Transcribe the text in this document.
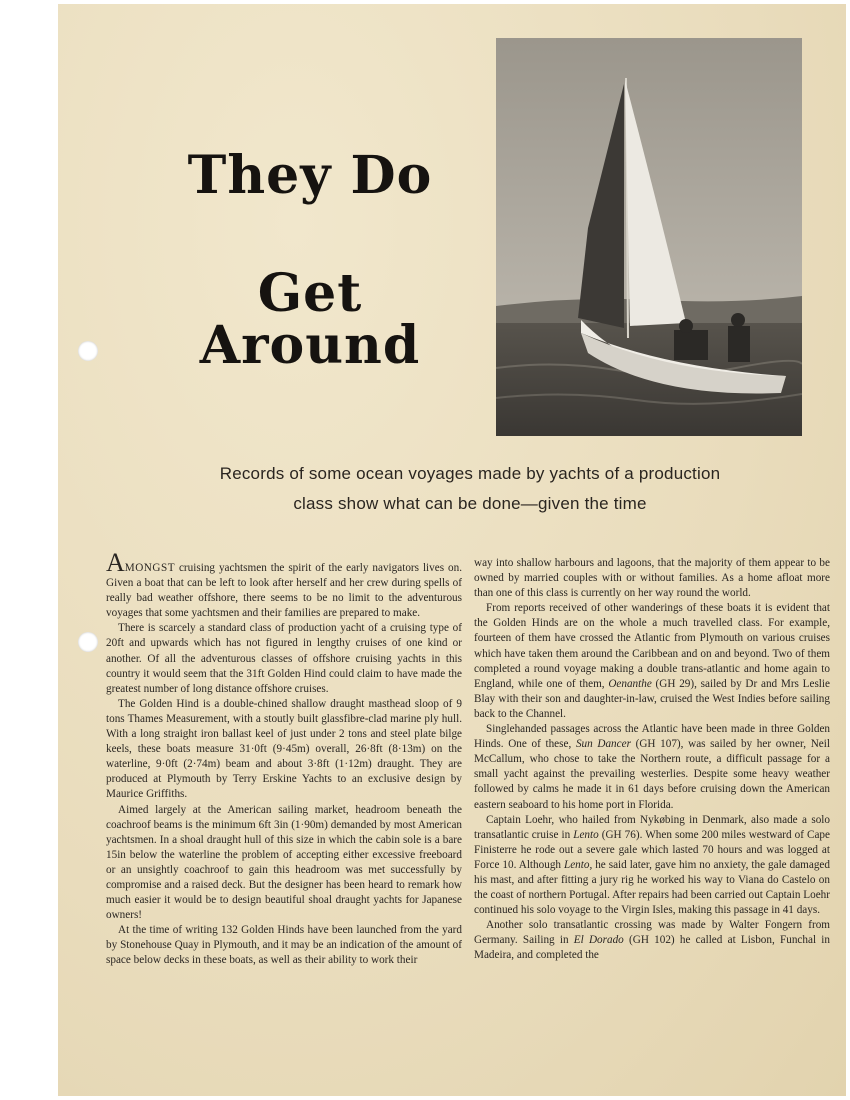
They Do
Get Around
Records of some ocean voyages made by yachts of a production
class show what can be done—given the time

AMONGST cruising yachtsmen the spirit of the early navigators lives on. Given a boat that can be left to look after herself and her crew during spells of really bad weather offshore, there seems to be no limit to the adventurous voyages that some yachtsmen and their families are prepared to make.

There is scarcely a standard class of production yacht of a cruising type of 20ft and upwards which has not figured in lengthy cruises of one kind or another. Of all the adventurous classes of offshore cruising yachts in this country it would seem that the 31ft Golden Hind could claim to have made the greatest number of long distance offshore cruises.

The Golden Hind is a double-chined shallow draught masthead sloop of 9 tons Thames Measurement, with a stoutly built glassfibre-clad marine ply hull. With a long straight iron ballast keel of just under 2 tons and steel plate bilge keels, these boats measure 31·0ft (9·45m) overall, 26·8ft (8·13m) on the waterline, 9·0ft (2·74m) beam and about 3·8ft (1·12m) draught. They are produced at Plymouth by Terry Erskine Yachts to an exclusive design by Maurice Griffiths.

Aimed largely at the American sailing market, headroom beneath the coachroof beams is the minimum 6ft 3in (1·90m) demanded by most American yachtsmen. In a shoal draught hull of this size in which the cabin sole is a bare 15in below the waterline the problem of accepting either excessive freeboard or an unsightly coachroof to gain this headroom was met successfully by compromise and a raised deck. But the designer has been heard to remark how much easier it would be to design beautiful shoal draught yachts for Japanese owners!

At the time of writing 132 Golden Hinds have been launched from the yard by Stonehouse Quay in Plymouth, and it may be an indication of the amount of space below decks in these boats, as well as their ability to work their

way into shallow harbours and lagoons, that the majority of them appear to be owned by married couples with or without families. As a home afloat more than one of this class is currently on her way round the world.

From reports received of other wanderings of these boats it is evident that the Golden Hinds are on the whole a much travelled class. For example, fourteen of them have crossed the Atlantic from Plymouth on various cruises which have taken them around the Caribbean and on and beyond. Two of them completed a round voyage making a double trans-atlantic and home again to England, while one of them, Oenanthe (GH 29), sailed by Dr and Mrs Leslie Blay with their son and daughter-in-law, cruised the West Indies before sailing back to the Channel.

Singlehanded passages across the Atlantic have been made in three Golden Hinds. One of these, Sun Dancer (GH 107), was sailed by her owner, Neil McCallum, who chose to take the Northern route, a difficult passage for a small yacht against the prevailing westerlies. Despite some heavy weather followed by calms he made it in 61 days before cruising down the American eastern seaboard to his home port in Florida.

Captain Loehr, who hailed from Nykøbing in Denmark, also made a solo transatlantic cruise in Lento (GH 76). When some 200 miles westward of Cape Finisterre he rode out a severe gale which lasted 70 hours and was logged at Force 10. Although Lento, he said later, gave him no anxiety, the gale damaged his mast, and after fitting a jury rig he worked his way to Viana do Castelo on the coast of northern Portugal. After repairs had been carried out Captain Loehr continued his solo voyage to the Virgin Isles, making this passage in 41 days.

Another solo transatlantic crossing was made by Walter Fongern from Germany. Sailing in El Dorado (GH 102) he called at Lisbon, Funchal in Madeira, and completed the
